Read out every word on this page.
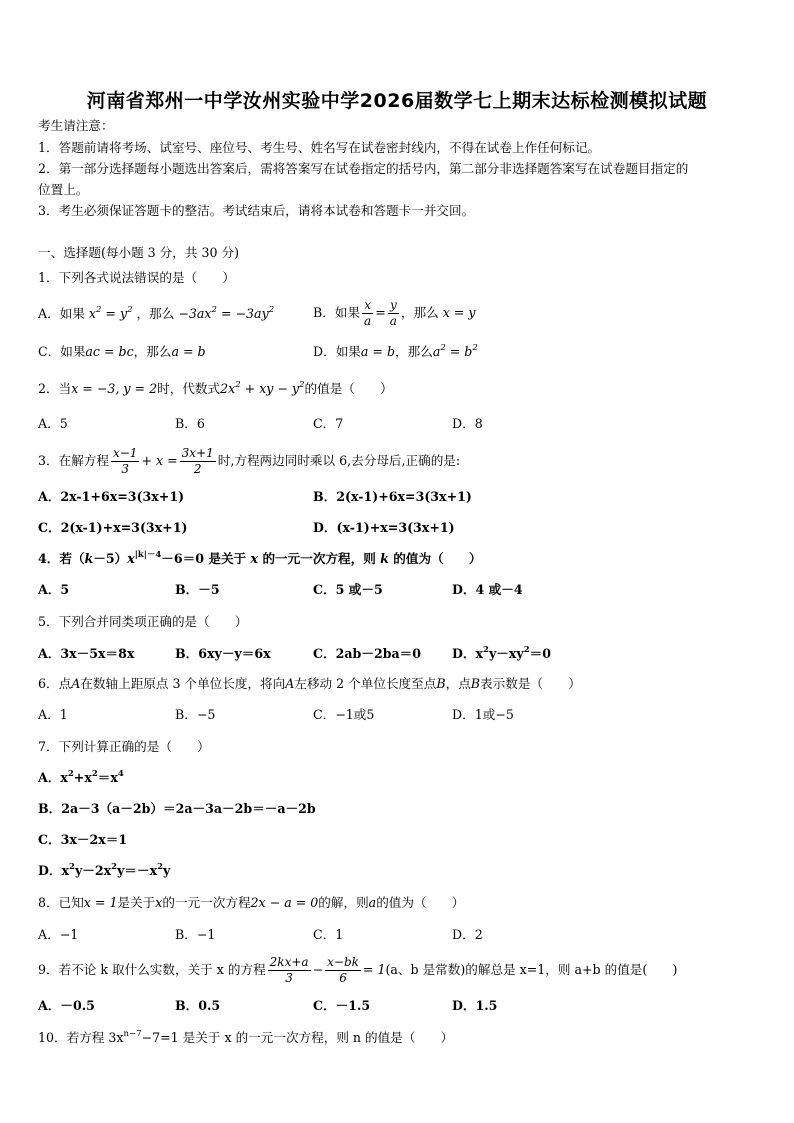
河南省郑州一中学汝州实验中学2026届数学七上期末达标检测模拟试题
考生请注意：
1．答题前请将考场、试室号、座位号、考生号、姓名写在试卷密封线内，不得在试卷上作任何标记。
2．第一部分选择题每小题选出答案后，需将答案写在试卷指定的括号内，第二部分非选择题答案写在试卷题目指定的
位置上。
3．考生必须保证答题卡的整洁。考试结束后，请将本试卷和答题卡一并交回。
一、选择题(每小题 3 分，共 30 分)
1．下列各式说法错误的是（　　）
A．如果 $x^2 = y^2$ ，那么 $-3ax^2 = -3ay^2$	B．如果 $\frac{x}{a} = \frac{y}{a}$ ，那么 x = y
C．如果ac = bc，那么a = b	D．如果a = b，那么$a^2 = b^2$
2．当x = −3, y = 2时，代数式$2x^2$ + xy − $y^2$的值是（　　）
A．5	B．6	C．7	D．8
3．在解方程 $\frac{x-1}{3} + x = \frac{3x+1}{2}$ 时,方程两边同时乘以 6,去分母后,正确的是:
A．2x-1+6x=3(3x+1)	B．2(x-1)+6x=3(3x+1)
C．2(x-1)+x=3(3x+1)	D．(x-1)+x=3(3x+1)
4．若$(k-5)x^{|k|-4}-6=0$ 是关于 x 的一元一次方程，则 k 的值为（　　）
A．5	B．－5	C．5 或－5	D．4 或－4
5．下列合并同类项正确的是（　　）
A．3x－5x＝8x	B．6xy－y＝6x	C．2ab－2ba＝0 D．$x^2y-xy^2=0$
6．点A在数轴上距原点 3 个单位长度，将向A左移动 2 个单位长度至点B，点B表示数是（　　）
A．1	B．−5	C．−1或5	D．1或−5
7．下列计算正确的是（　　）
A．$x^2+x^2=x^4$
B．2a－3（a－2b）＝2a－3a－2b＝－a－2b
C．3x－2x＝1
D．$x^2y-2x^2y=-x^2y$
8．已知x = 1是关于x的一元一次方程2x − a = 0的解，则a的值为（　　）
A．−1	B．−1	C．1	D．2
9．若不论 k 取什么实数，关于 x 的方程 $\frac{2kx+a}{3} - \frac{x-bk}{6} = 1(a$、b 是常数)的解总是 x=1，则 a+b 的值是(　　)
A．－0.5	B．0.5	C．－1.5	D．1.5
10．若方程 $3x^{n-7}-7=1$ 是关于 x 的一元一次方程，则 n 的值是（　　）
